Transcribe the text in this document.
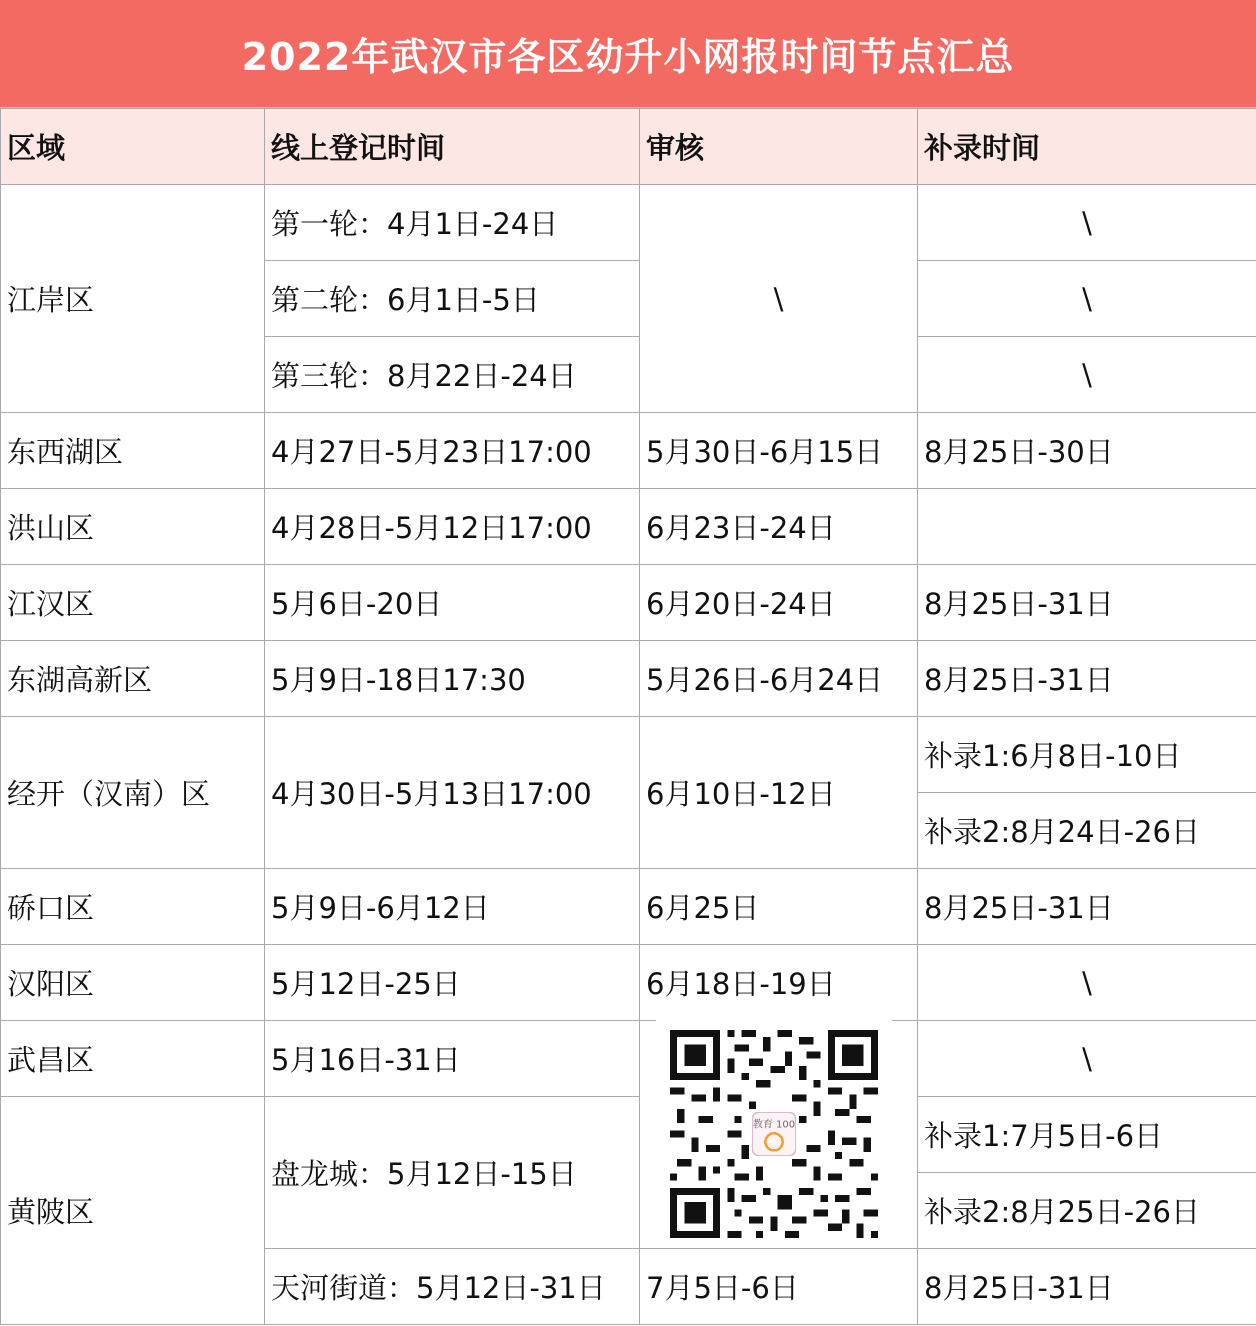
2022年武汉市各区幼升小网报时间节点汇总
区域	线上登记时间	审核	补录时间
江岸区	第一轮：4月1日-24日	\	\
	第二轮：6月1日-5日		\
	第三轮：8月22日-24日		\
东西湖区	4月27日-5月23日17:00	5月30日-6月15日	8月25日-30日
洪山区	4月28日-5月12日17:00	6月23日-24日	
江汉区	5月6日-20日	6月20日-24日	8月25日-31日
东湖高新区	5月9日-18日17:30	5月26日-6月24日	8月25日-31日
经开（汉南）区	4月30日-5月13日17:00	6月10日-12日	补录1:6月8日-10日
			补录2:8月24日-26日
硚口区	5月9日-6月12日	6月25日	8月25日-31日
汉阳区	5月12日-25日	6月18日-19日	\
武昌区	5月16日-31日		\
黄陂区	盘龙城：5月12日-15日		补录1:7月5日-6日
			补录2:8月25日-26日
	天河街道：5月12日-31日	7月5日-6日	8月25日-31日
教育 100
